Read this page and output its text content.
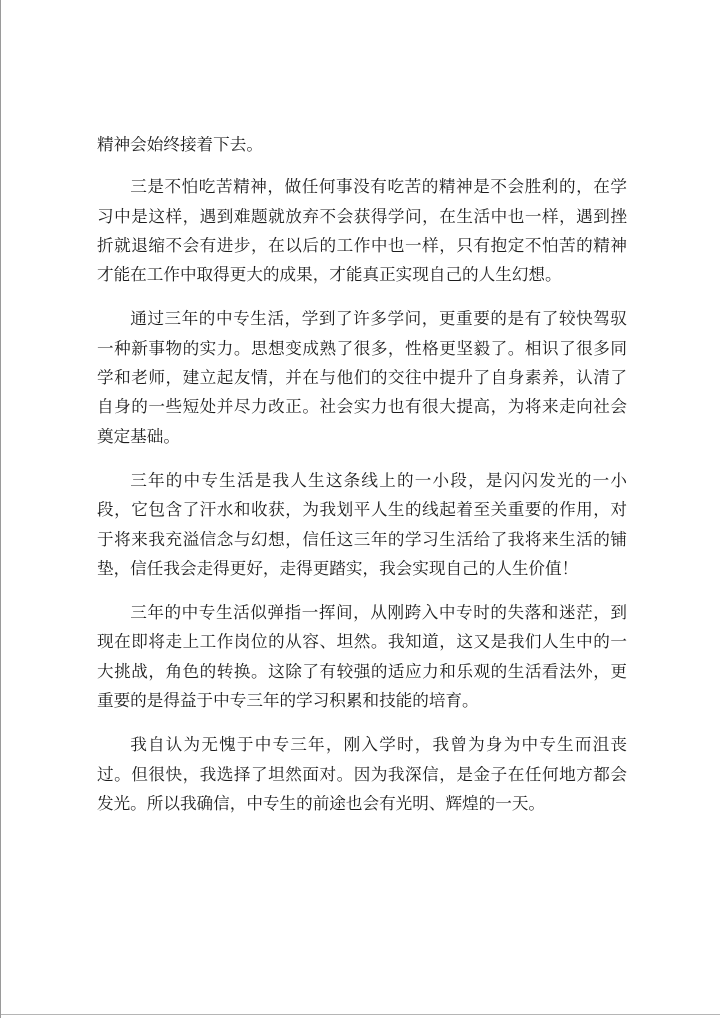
精神会始终接着下去。

三是不怕吃苦精神，做任何事没有吃苦的精神是不会胜利的，在学习中是这样，遇到难题就放弃不会获得学问，在生活中也一样，遇到挫折就退缩不会有进步，在以后的工作中也一样，只有抱定不怕苦的精神才能在工作中取得更大的成果，才能真正实现自己的人生幻想。

通过三年的中专生活，学到了许多学问，更重要的是有了较快驾驭一种新事物的实力。思想变成熟了很多，性格更坚毅了。相识了很多同学和老师，建立起友情，并在与他们的交往中提升了自身素养，认清了自身的一些短处并尽力改正。社会实力也有很大提高，为将来走向社会奠定基础。

三年的中专生活是我人生这条线上的一小段，是闪闪发光的一小段，它包含了汗水和收获，为我划平人生的线起着至关重要的作用，对于将来我充溢信念与幻想，信任这三年的学习生活给了我将来生活的铺垫，信任我会走得更好，走得更踏实，我会实现自己的人生价值！

三年的中专生活似弹指一挥间，从刚跨入中专时的失落和迷茫，到现在即将走上工作岗位的从容、坦然。我知道，这又是我们人生中的一大挑战，角色的转换。这除了有较强的适应力和乐观的生活看法外，更重要的是得益于中专三年的学习积累和技能的培育。

我自认为无愧于中专三年，刚入学时，我曾为身为中专生而沮丧过。但很快，我选择了坦然面对。因为我深信，是金子在任何地方都会发光。所以我确信，中专生的前途也会有光明、辉煌的一天。
